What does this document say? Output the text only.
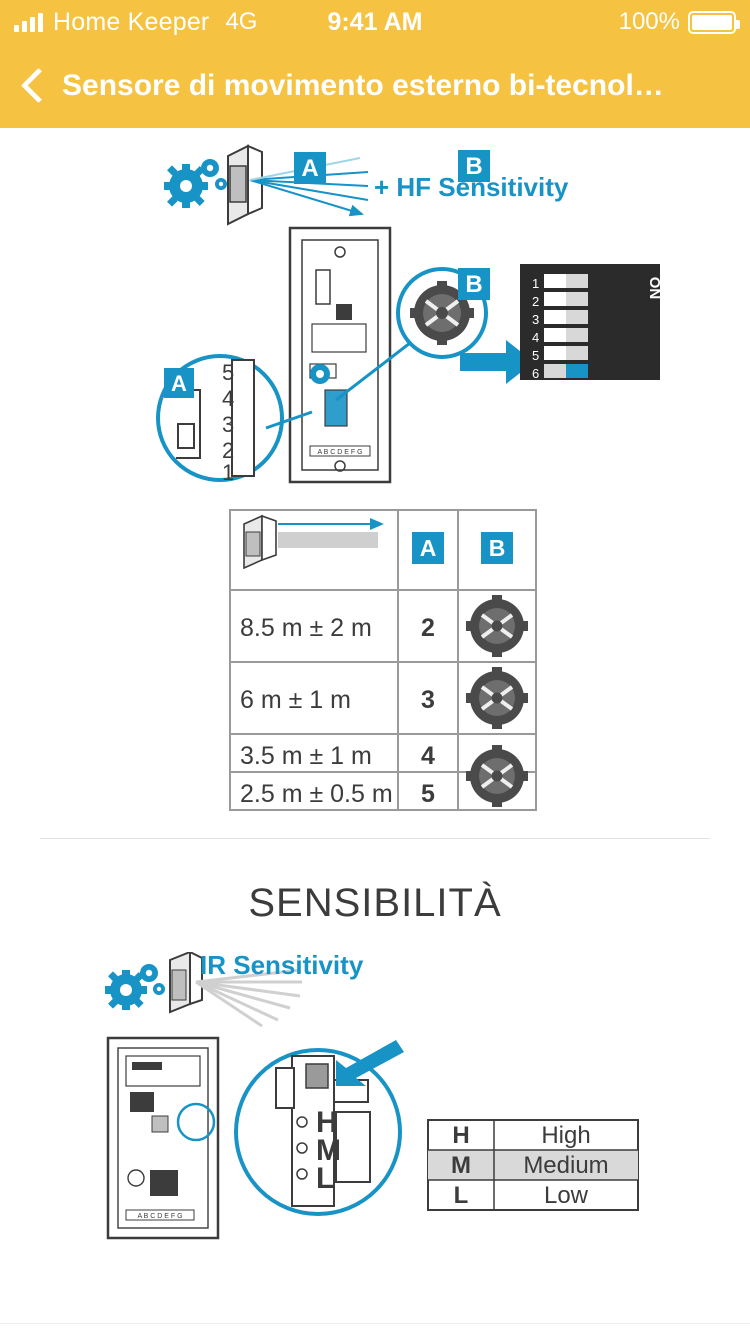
Home Keeper 4G	9:41 AM	100%
Sensore di movimento esterno bi-tecnol…
A	B
+ HF Sensitivity
A B C D E F G
5
4
3
2
1
A
B	ON
1
2
3
4
5
6
A B
8.5 m ± 2 m 2
6 m ± 1 m	3
3.5 m ± 1 m 4
2.5 m ± 0.5 m 5
SENSIBILITÀ
IR Sensitivity
A B C D E F G
H
M
L
H	High
M Medium
L	Low
